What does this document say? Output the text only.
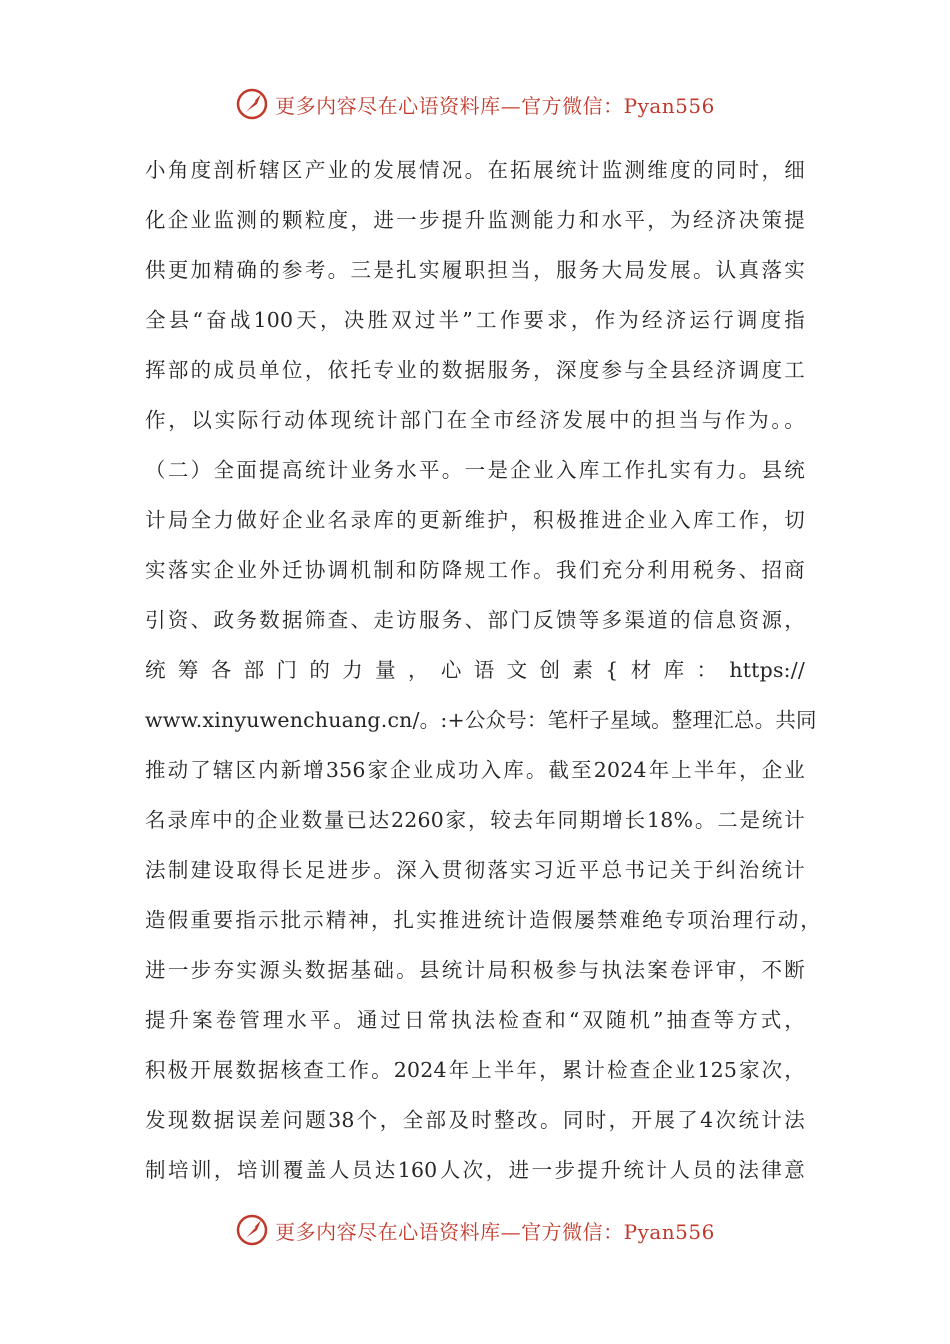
更多内容尽在心语资料库—官方微信：Pyan556
小角度剖析辖区产业的发展情况。在拓展统计监测维度的同时，细
化企业监测的颗粒度，进一步提升监测能力和水平，为经济决策提
供更加精确的参考。三是扎实履职担当，服务大局发展。认真落实
全县“奋战100天，决胜双过半”工作要求，作为经济运行调度指
挥部的成员单位，依托专业的数据服务，深度参与全县经济调度工
作，以实际行动体现统计部门在全市经济发展中的担当与作为。。
（二）全面提高统计业务水平。一是企业入库工作扎实有力。县统
计局全力做好企业名录库的更新维护，积极推进企业入库工作，切
实落实企业外迁协调机制和防降规工作。我们充分利用税务、招商
引资、政务数据筛查、走访服务、部门反馈等多渠道的信息资源，
统筹各部门的力量，心语文创素{材库：https://
www.xinyuwenchuang.cn/。:+公众号：笔杆子星域。整理汇总。共同
推动了辖区内新增356家企业成功入库。截至2024年上半年，企业
名录库中的企业数量已达2260家，较去年同期增长18%。二是统计
法制建设取得长足进步。深入贯彻落实习近平总书记关于纠治统计
造假重要指示批示精神，扎实推进统计造假屡禁难绝专项治理行动，
进一步夯实源头数据基础。县统计局积极参与执法案卷评审，不断
提升案卷管理水平。通过日常执法检查和“双随机”抽查等方式，
积极开展数据核查工作。2024年上半年，累计检查企业125家次，
发现数据误差问题38个，全部及时整改。同时，开展了4次统计法
制培训，培训覆盖人员达160人次，进一步提升统计人员的法律意
更多内容尽在心语资料库—官方微信：Pyan556
